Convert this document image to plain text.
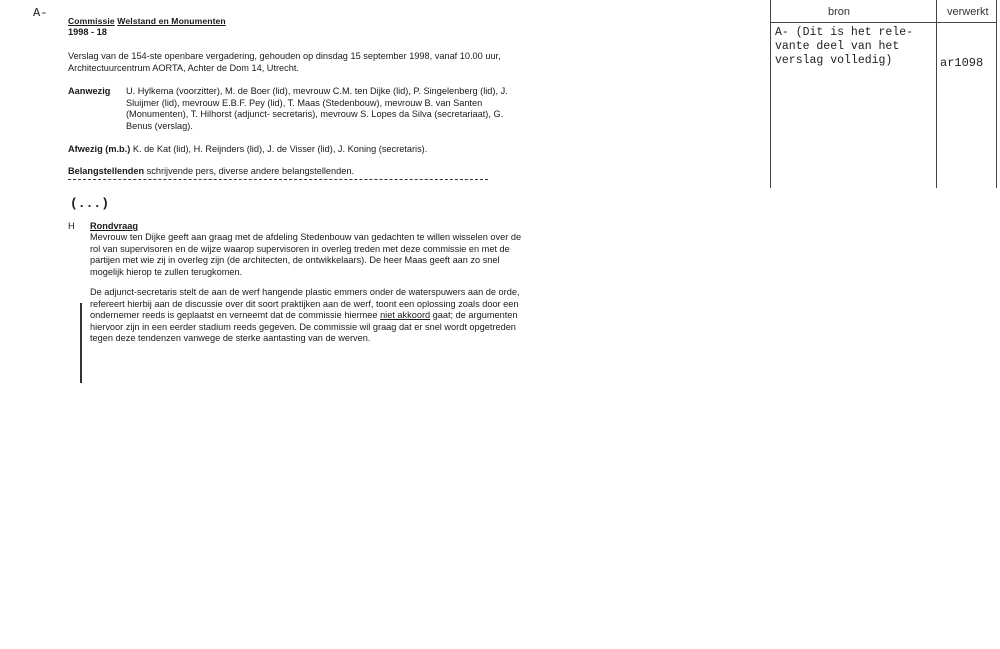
A-
Commissie Welstand en Monumenten
1998 - 18
Verslag van de 154-ste openbare vergadering, gehouden op dinsdag 15 september 1998, vanaf 10.00 uur, Architectuurcentrum AORTA, Achter de Dom 14, Utrecht.
Aanwezig U. Hylkema (voorzitter), M. de Boer (lid), mevrouw C.M. ten Dijke (lid), P. Singelenberg (lid), J. Sluijmer (lid), mevrouw E.B.F. Pey (lid), T. Maas (Stedenbouw), mevrouw B. van Santen (Monumenten), T. Hilhorst (adjunct- secretaris), mevrouw S. Lopes da Silva (secretariaat), G. Benus (verslag).
Afwezig (m.b.) K. de Kat (lid), H. Reijnders (lid), J. de Visser (lid), J. Koning (secretaris).
Belangstellenden schrijvende pers, diverse andere belangstellenden.
(...)
H Rondvraag
Mevrouw ten Dijke geeft aan graag met de afdeling Stedenbouw van gedachten te willen wisselen over de rol van supervisoren en de wijze waarop supervisoren in overleg treden met deze commissie en met de partijen met wie zij in overleg zijn (de architecten, de ontwikkelaars). De heer Maas geeft aan zo snel mogelijk hierop te zullen terugkomen.
De adjunct-secretaris stelt de aan de werf hangende plastic emmers onder de waterspuwers aan de orde, refereert hierbij aan de discussie over dit soort praktijken aan de werf, toont een oplossing zoals door een ondernemer reeds is geplaatst en verneemt dat de commissie hiermee niet akkoord gaat; de argumenten hiervoor zijn in een eerder stadium reeds gegeven. De commissie wil graag dat er snel wordt opgetreden tegen deze tendenzen vanwege de sterke aantasting van de werven.
bron	verwerkt
A- (Dit is het rele- vante deel van het verslag volledig)	ar1098
